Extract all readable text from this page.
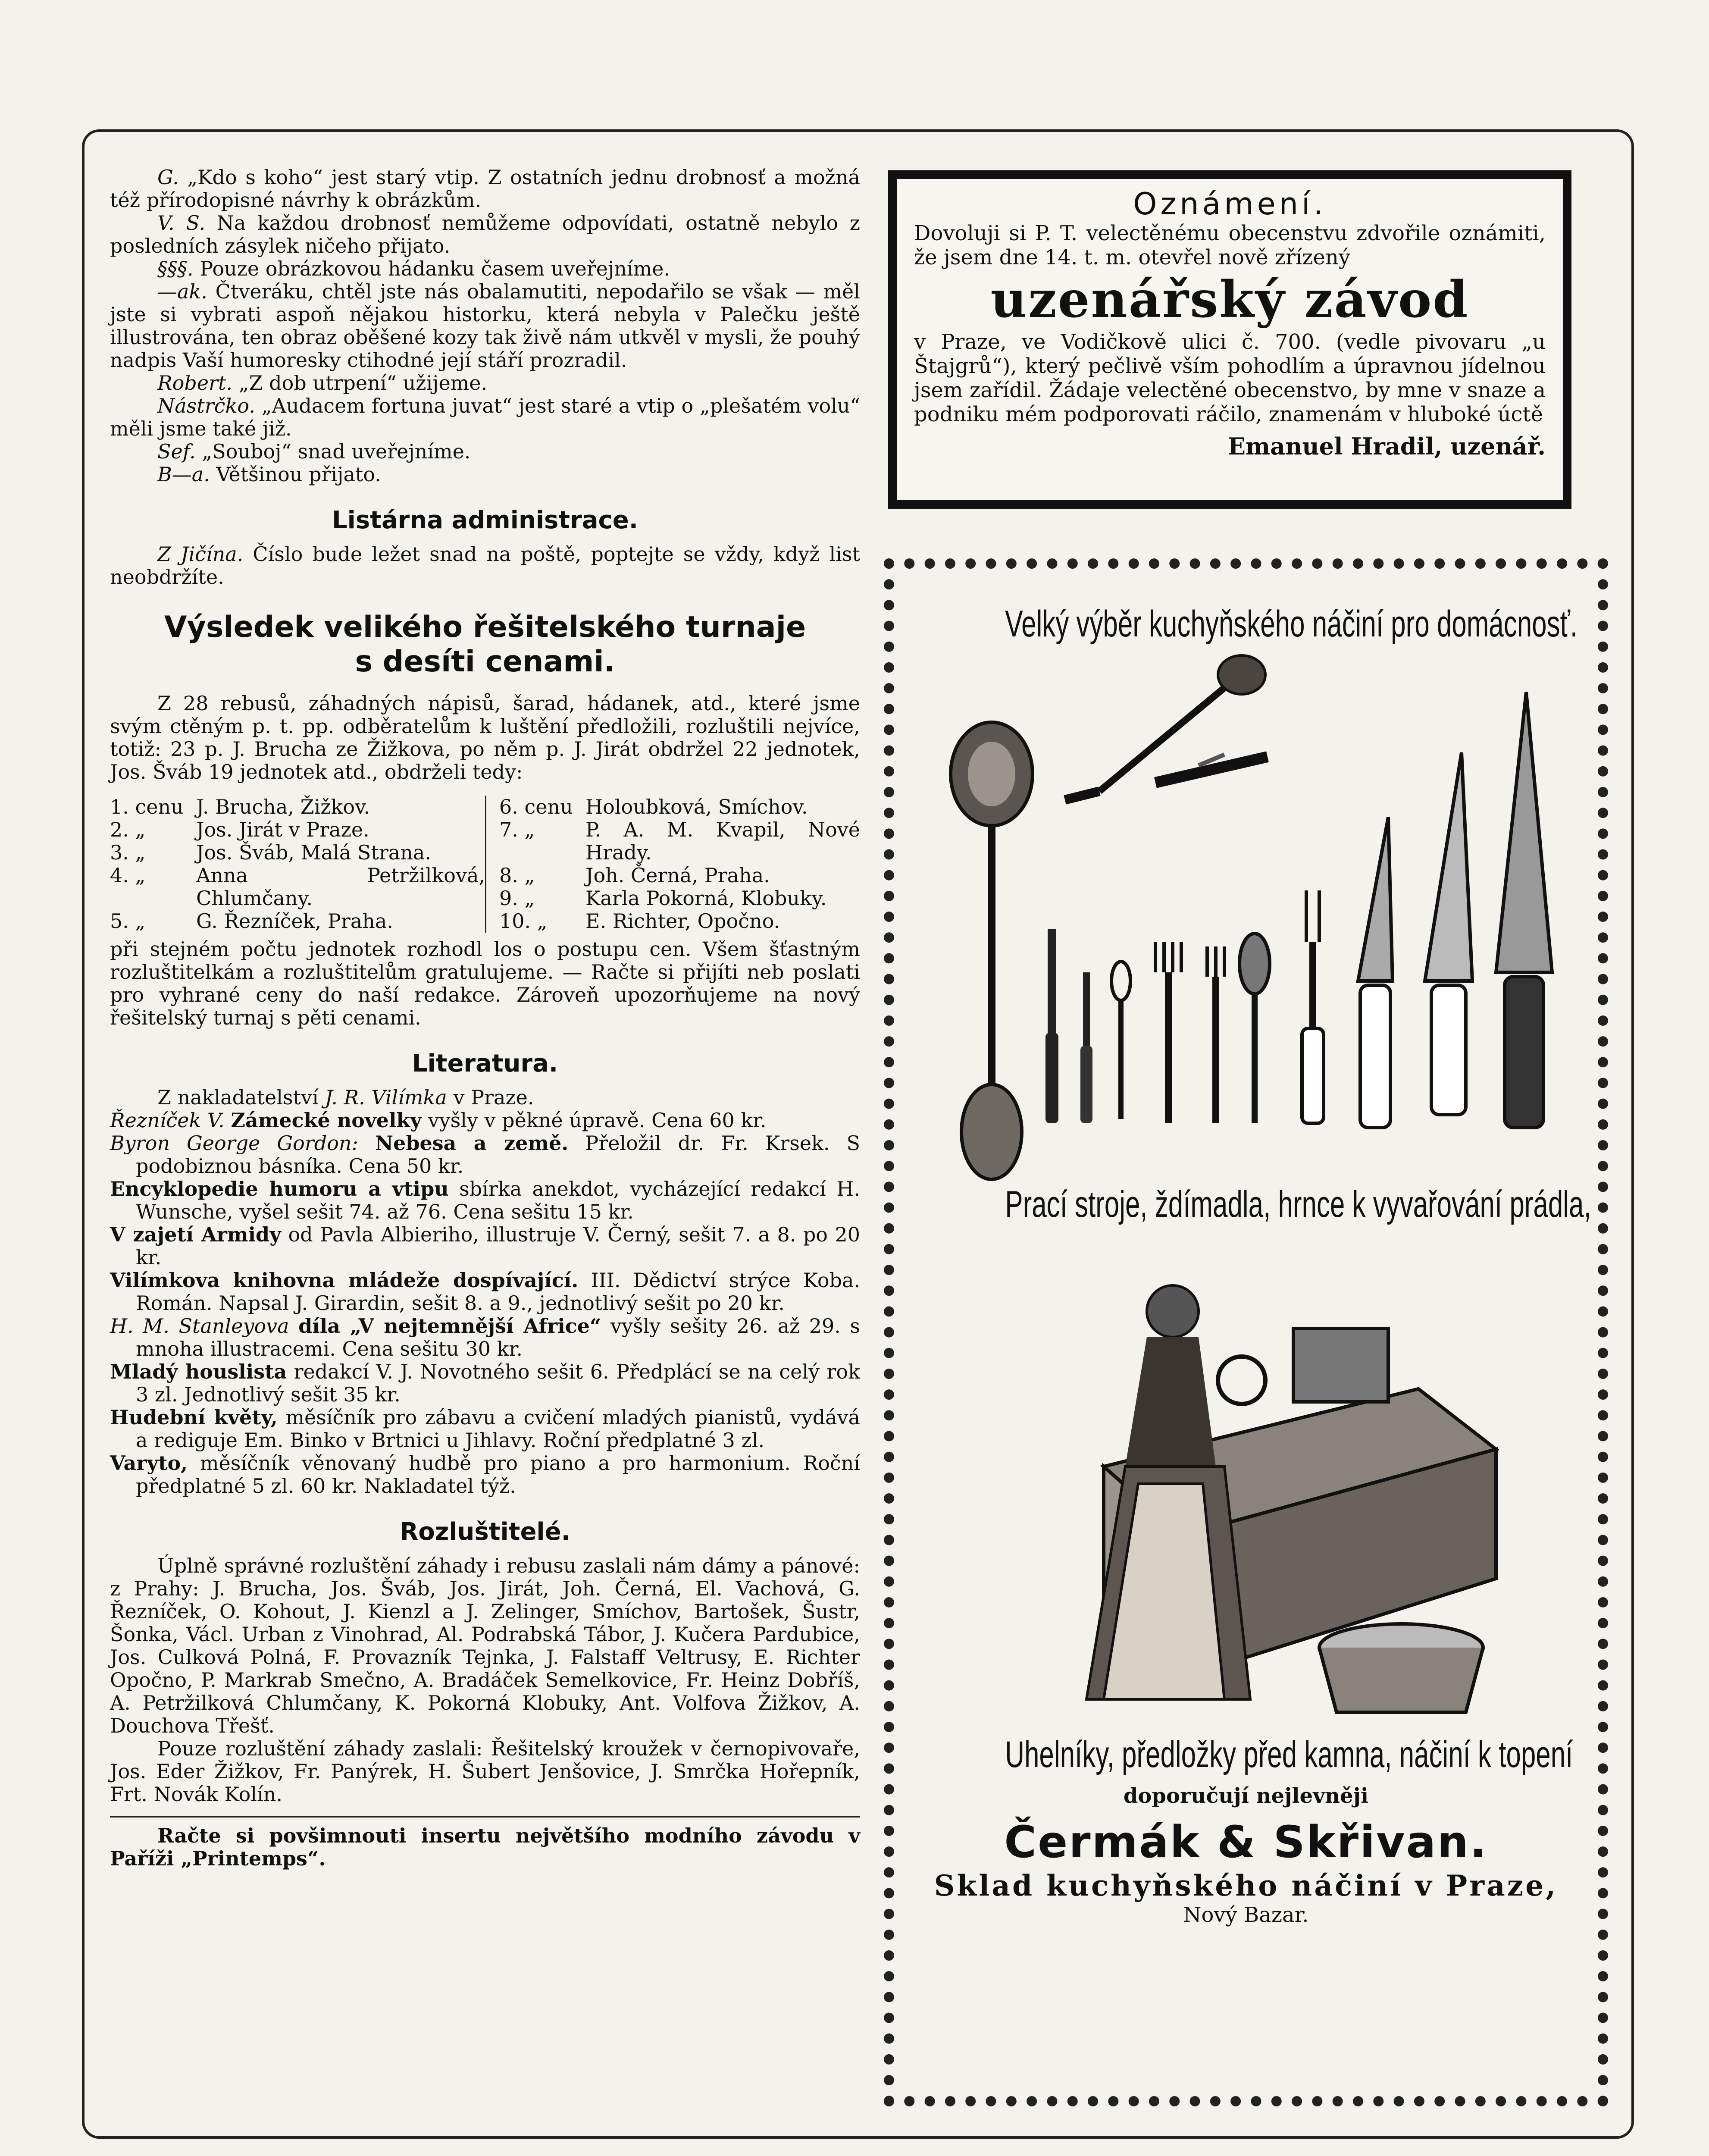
G. „Kdo s koho“ jest starý vtip. Z ostatních jednu drobnosť a možná též přírodopisné návrhy k obrázkům.

V. S. Na každou drobnosť nemůžeme odpovídati, ostatně nebylo z posledních zásylek ničeho přijato.

§§§. Pouze obrázkovou hádanku časem uveřejníme.

—ak. Čtveráku, chtěl jste nás obalamutiti, nepodařilo se však — měl jste si vybrati aspoň nějakou historku, která nebyla v Palečku ještě illustrována, ten obraz oběšené kozy tak živě nám utkvěl v mysli, že pouhý nadpis Vaší humoresky ctihodné její stáří prozradil.

Robert. „Z dob utrpení“ užijeme.

Nástrčko. „Audacem fortuna juvat“ jest staré a vtip o „plešatém volu“ měli jsme také již.

Sef. „Souboj“ snad uveřejníme.

B—a. Většinou přijato.

Listárna administrace.

Z Jičína. Číslo bude ležet snad na poště, poptejte se vždy, když list neobdržíte.

Výsledek velikého řešitelského turnaje
s desíti cenami.

Z 28 rebusů, záhadných nápisů, šarad, hádanek, atd., které jsme svým ctěným p. t. pp. odběratelům k luštění předložili, rozluštili nejvíce, totiž: 23 p. J. Brucha ze Žižkova, po něm p. J. Jirát obdržel 22 jednotek, Jos. Šváb 19 jednotek atd., obdrželi tedy:

1. cenu J. Brucha, Žižkov.
2. „	Jos. Jirát v Praze.
3. „	Jos. Šváb, Malá Strana.
4. „	Anna Petržilková, Chlumčany.
5. „	G. Řezníček, Praha.
6. cenu Holoubková, Smíchov.
7. „	P. A. M. Kvapil, Nové Hrady.
8. „	Joh. Černá, Praha.
9. „	Karla Pokorná, Klobuky.
10. „	E. Richter, Opočno.

při stejném počtu jednotek rozhodl los o postupu cen. Všem šťastným rozluštitelkám a rozluštitelům gratulujeme. — Račte si přijíti neb poslati pro vyhrané ceny do naší redakce. Zároveň upozorňujeme na nový řešitelský turnaj s pěti cenami.

Literatura.

Z nakladatelství J. R. Vilímka v Praze.

Řezníček V. Zámecké novelky vyšly v pěkné úpravě. Cena 60 kr.

Byron George Gordon: Nebesa a země. Přeložil dr. Fr. Krsek. S podobiznou básníka. Cena 50 kr.

Encyklopedie humoru a vtipu sbírka anekdot, vycházející redakcí H. Wunsche, vyšel sešit 74. až 76. Cena sešitu 15 kr.

V zajetí Armidy od Pavla Albieriho, illustruje V. Černý, sešit 7. a 8. po 20 kr.

Vilímkova knihovna mládeže dospívající. III. Dědictví strýce Koba. Román. Napsal J. Girardin, sešit 8. a 9., jednotlivý sešit po 20 kr.

H. M. Stanleyova díla „V nejtemnější Africe“ vyšly sešity 26. až 29. s mnoha illustracemi. Cena sešitu 30 kr.

Mladý houslista redakcí V. J. Novotného sešit 6. Předplácí se na celý rok 3 zl. Jednotlivý sešit 35 kr.

Hudební květy, měsíčník pro zábavu a cvičení mladých pianistů, vydává a rediguje Em. Binko v Brtnici u Jihlavy. Roční předplatné 3 zl.

Varyto, měsíčník věnovaný hudbě pro piano a pro harmonium. Roční předplatné 5 zl. 60 kr. Nakladatel týž.

Rozluštitelé.

Úplně správné rozluštění záhady i rebusu zaslali nám dámy a pánové: z Prahy: J. Brucha, Jos. Šváb, Jos. Jirát, Joh. Černá, El. Vachová, G. Řezníček, O. Kohout, J. Kienzl a J. Zelinger, Smíchov, Bartošek, Šustr, Šonka, Václ. Urban z Vinohrad, Al. Podrabská Tábor, J. Kučera Pardubice, Jos. Culková Polná, F. Provazník Tejnka, J. Falstaff Veltrusy, E. Richter Opočno, P. Markrab Smečno, A. Bradáček Semelkovice, Fr. Heinz Dobříš, A. Petržilková Chlumčany, K. Pokorná Klobuky, Ant. Volfova Žižkov, A. Douchova Třešť.

Pouze rozluštění záhady zaslali: Řešitelský kroužek v černopivovaře, Jos. Eder Žižkov, Fr. Panýrek, H. Šubert Jenšovice, J. Smrčka Hořepník, Frt. Novák Kolín.

Račte si povšimnouti insertu největšího modního závodu v Paříži „Printemps“.

Oznámení.

Dovoluji si P. T. velectěnému obecenstvu zdvořile oznámiti, že jsem dne 14. t. m. otevřel nově zřízený

uzenářský závod

v Praze, ve Vodičkově ulici č. 700. (vedle pivovaru „u Štajgrů“), který pečlivě vším pohodlím a úpravnou jídelnou jsem zařídil. Žádaje velectěné obecenstvo, by mne v snaze a podniku mém podporovati ráčilo, znamenám v hluboké úctě

Emanuel Hradil, uzenář.
Velký výběr kuchyňského náčiní pro domácnosť.
Prací stroje, ždímadla, hrnce k vyvařování prádla,
Uhelníky, předložky před kamna, náčiní k topení
doporučují nejlevněji
Čermák & Skřivan.
Sklad kuchyňského náčiní v Praze,
Nový Bazar.
